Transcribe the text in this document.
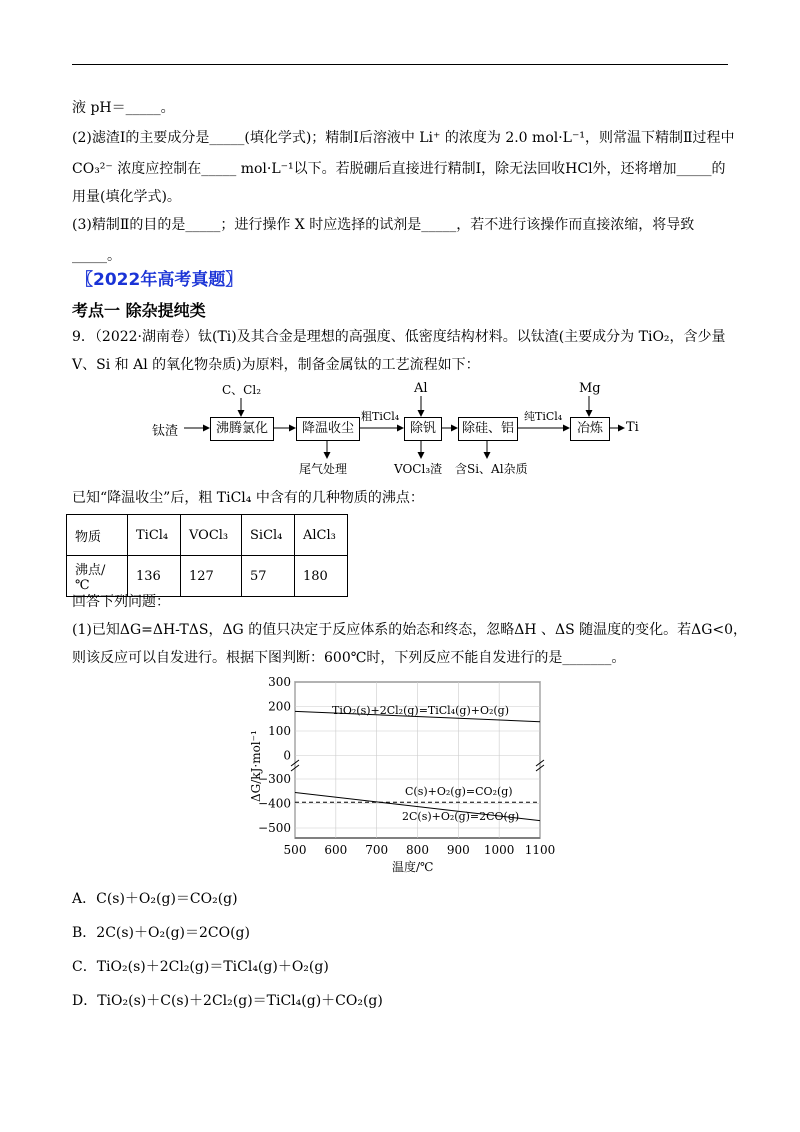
液 pH＝_____。
(2)滤渣Ⅰ的主要成分是_____(填化学式)；精制Ⅰ后溶液中 Li⁺ 的浓度为 2.0 mol·L⁻¹，则常温下精制Ⅱ过程中
CO₃²⁻ 浓度应控制在_____ mol·L⁻¹以下。若脱硼后直接进行精制Ⅰ，除无法回收HCl外，还将增加_____的
用量(填化学式)。
(3)精制Ⅱ的目的是_____；进行操作 X 时应选择的试剂是_____，若不进行该操作而直接浓缩，将导致
_____。
〖2022年高考真题〗
考点一 除杂提纯类
9．（2022·湖南卷）钛(Ti)及其合金是理想的高强度、低密度结构材料。以钛渣(主要成分为 TiO₂，含少量
V、Si 和 Al 的氧化物杂质)为原料，制备金属钛的工艺流程如下：
钛渣	沸腾氯化	降温收尘	除钒	除硅、铝	冶炼	Ti
C、Cl₂	Al	Mg
粗TiCl₄	纯TiCl₄
尾气处理	VOCl₃渣 含Si、Al杂质
已知“降温收尘”后，粗 TiCl₄ 中含有的几种物质的沸点：
物质	TiCl₄	VOCl₃	SiCl₄	AlCl₃
沸点/℃	136	127	57	180
回答下列问题：
(1)已知ΔG=ΔH-TΔS，ΔG 的值只决定于反应体系的始态和终态，忽略ΔH 、ΔS 随温度的变化。若ΔG<0，
则该反应可以自发进行。根据下图判断：600℃时，下列反应不能自发进行的是_______。
500 600 700 800 900 1000 1100
300
200
100
0
−300
−400
−500
TiO₂(s)+2Cl₂(g)=TiCl₄(g)+O₂(g)
C(s)+O₂(g)=CO₂(g)
2C(s)+O₂(g)=2CO(g)
温度/℃
ΔG/kJ·mol⁻¹
A．C(s)＋O₂(g)＝CO₂(g)
B．2C(s)＋O₂(g)＝2CO(g)
C．TiO₂(s)＋2Cl₂(g)＝TiCl₄(g)＋O₂(g)
D．TiO₂(s)＋C(s)＋2Cl₂(g)＝TiCl₄(g)＋CO₂(g)
